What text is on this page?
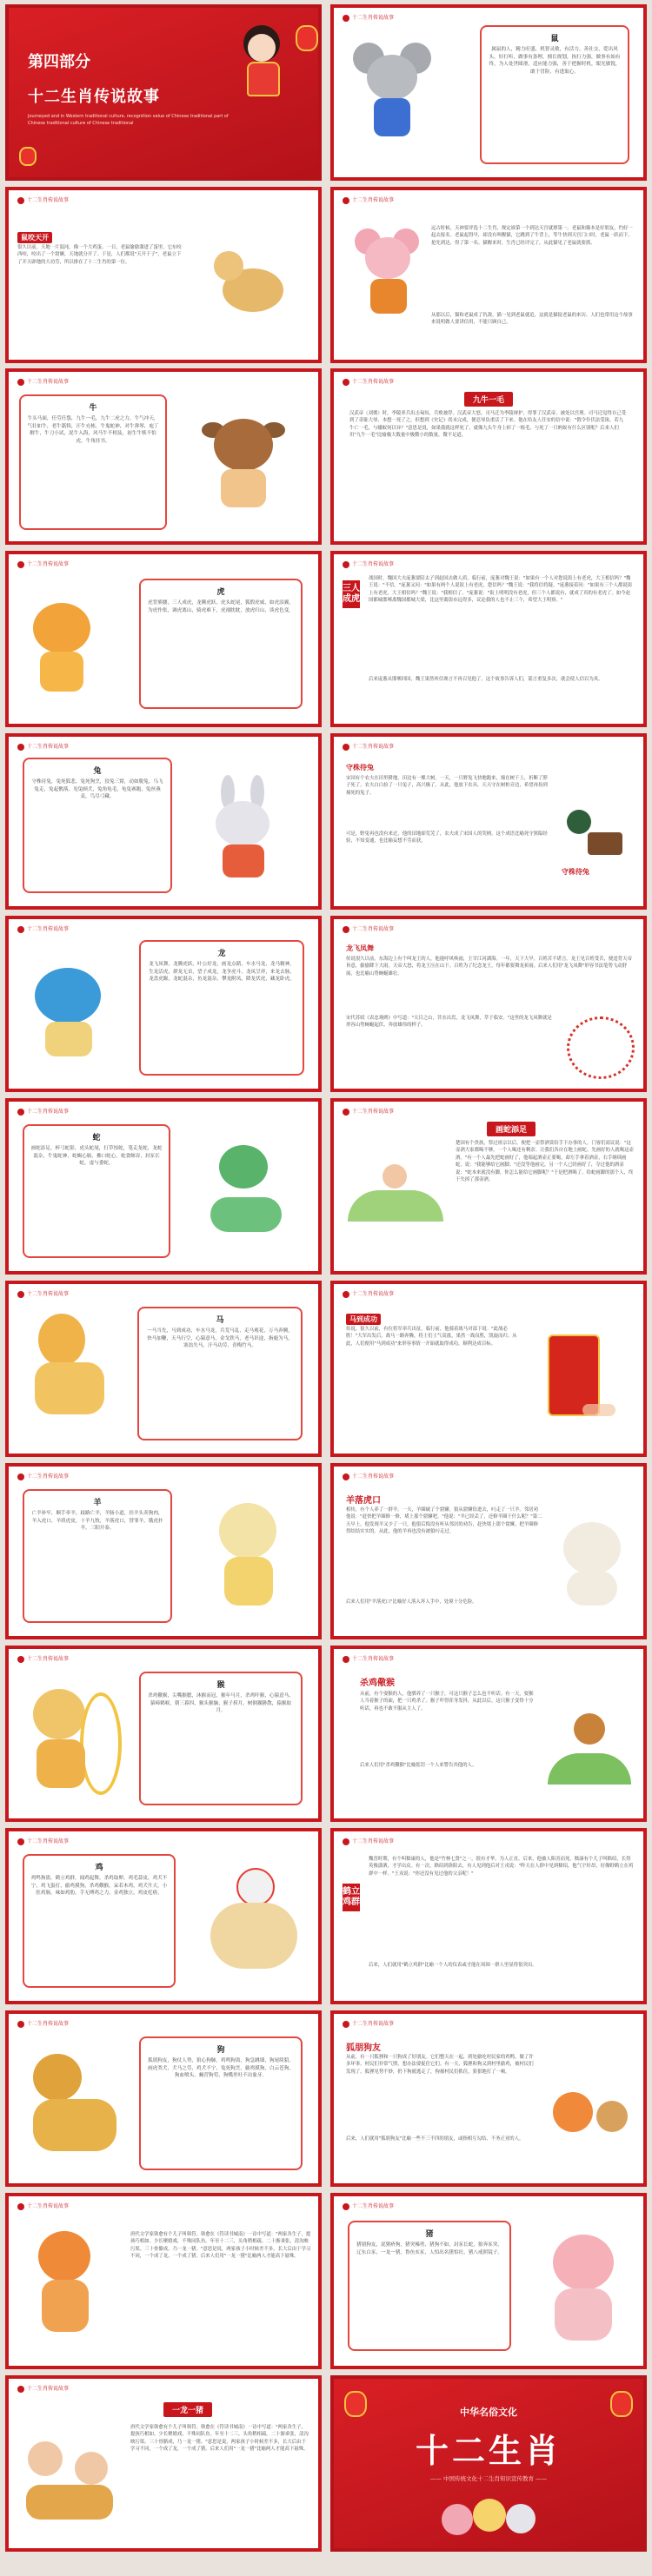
第四部分
十二生肖传说故事
Journeyed and in Western traditional culture, recognition value of Chinese traditional part of Chinese traditional culture of Chinese traditional
十二生肖传说故事
鼠
属鼠的人，精力旺盛，机智灵敏，有活力，善社交，爱出风头，好打听，做事有条理，擅长规划，执行力强，做事有始有终，为人处世圆滑，适应能力强，善于把握时机，眼光敏锐，敢于冒险，有进取心。
十二生肖传说故事
鼠咬天开
很久以前，天地一片混沌，像一个大鸡蛋。一日，老鼠偷偷溜进了蛋里，它东咬西咬，咬出了一个窟窿，天地就分开了。于是，人们都说"天开于子"，老鼠立下了开天辟地的大功劳，所以排在了十二生肖的第一位。
十二生肖传说故事
远古时候，天神要评选十二生肖，规定谁第一个到达天宫就排第一。老鼠和猫本是好朋友，约好一起去报名。老鼠起得早，却没有叫醒猫，它跳到了牛背上，等牛快到天宫门口时，老鼠一跃而下，抢先到达，得了第一名。猫醒来时，生肖已经评完了，从此猫见了老鼠就要抓。
从那以后，猫和老鼠成了仇敌，猫一见到老鼠就追，这就是猫捉老鼠的来历。人们也常用这个故事来说明做人要讲信用，不能只顾自己。
十二生肖传说故事
牛
牛头马面，任劳任怨，九牛一毛，九牛二虎之力，牛气冲天，气壮如牛，老牛舐犊，汗牛充栋，牛鬼蛇神，对牛弹琴，庖丁解牛，牛刀小试，泥牛入海，风马牛不相及，初生牛犊不怕虎，牛角挂书。
十二生肖传说故事
九牛一毛
汉武帝（刘彻）时，李陵率兵出击匈奴，兵败被俘。汉武帝大怒，司马迁为李陵辩护，得罪了汉武帝，被处以宫刑。司马迁觉得自己受到了奇耻大辱，本想一死了之，但想到《史记》尚未完成，便忍辱负重活了下来。他在给友人任安的信中说："假令仆伏法受诛，若九牛亡一毛，与蝼蚁何以异？"意思是说，如果我就这样死了，就像九头牛身上掉了一根毛，与死了一只蚂蚁有什么区别呢？后来人们用"九牛一毛"比喻极大数量中极微小的数量，微不足道。
十二生肖传说故事
虎
虎背熊腰，三人成虎，龙腾虎跃，虎头蛇尾，狐假虎威，如虎添翼，为虎作伥，调虎离山，骑虎难下，虎视眈眈，放虎归山，谈虎色变。
十二生肖传说故事
三人成虎
战国时，魏国大夫庞葱要陪太子到赵国去做人质。临行前，庞葱对魏王说："如果有一个人对您说街上有老虎，大王相信吗？"魏王说："不信。"庞葱又问："如果有两个人说街上有老虎，您信吗？"魏王说："我将信将疑。"庞葱接着问："如果有三个人都说街上有老虎，大王相信吗？"魏王说："我相信了。"庞葱说："街上明明没有老虎，但三个人都说有，就成了真的有老虎了。如今赵国都城邯郸离魏国都城大梁，比这里离街市远得多，议论我的人也不止三个，希望大王明察。"
后来庞葱从邯郸回国，魏王果然听信谗言不再召见他了。这个故事告诉人们，谣言重复多次，就会使人信以为真。
十二生肖传说故事
兔
守株待兔，兔死狐悲，兔死狗烹，狡兔三窟，动如脱兔，乌飞兔走，兔起鹘落，见兔顾犬，兔角龟毛，龟兔赛跑，兔丝燕麦，鸟尽弓藏。
十二生肖传说故事
守株待兔
宋国有个农夫在田里耕地，田边有一棵大树。一天，一只野兔飞快地跑来，撞在树干上，折断了脖子死了。农夫白白捡了一只兔子，高兴极了。从此，他放下农具，天天守在树桩旁边，希望再捡到撞死的兔子。
可是，野兔再也没有来过，他的田地却荒芜了，农夫成了宋国人的笑柄。这个成语比喻死守狭隘经验，不知变通，也比喻妄想不劳而获。
守株待兔
十二生肖传说故事
龙
龙飞凤舞，龙腾虎跃，叶公好龙，画龙点睛，车水马龙，龙马精神，生龙活虎，群龙无首，望子成龙，龙争虎斗，龙凤呈祥，来龙去脉，龙盘虎踞，龙蛇混杂，鱼龙混杂，攀龙附凤，降龙伏虎，藏龙卧虎。
十二生肖传说故事
龙飞凤舞
传说很久以前，东海边上有个叫龙王的人，他能呼风唤雨，主宰江河湖海。一年，天下大旱，百姓苦不堪言。龙王见百姓受苦，便违背天帝旨意，偷偷降下大雨。天帝大怒，将龙王压在山下。百姓为了纪念龙王，每年都要舞龙祈雨。后来人们用"龙飞凤舞"形容书法笔势飞动舒展，也比喻山势蜿蜒雄壮。
宋代苏轼《表忠观碑》中写道："天目之山，苕水出焉，龙飞凤舞，萃于临安。"这里的龙飞凤舞就是形容山势蜿蜒起伏、奔放雄伟的样子。
十二生肖传说故事
蛇
画蛇添足，杯弓蛇影，虎头蛇尾，打草惊蛇，笔走龙蛇，龙蛇混杂，牛鬼蛇神，蛇蝎心肠，佛口蛇心，蛇食鲸吞，封豕长蛇，虚与委蛇。
十二生肖传说故事
画蛇添足
楚国有个贵族，祭过祖宗以后，便把一壶祭酒赏给手下办事的人。门客们商议说："这壶酒大家都喝不够，一个人喝还有剩余。让我们各自在地上画蛇，先画好的人就喝这壶酒。"有一个人最先把蛇画好了，他端起酒壶正要喝，却左手拿着酒壶，右手继续画蛇，说："我能够给它画脚。"还没等他画完，另一个人已经画好了，夺过他的酒壶说："蛇本来就没有脚，你怎么能给它画脚呢？"于是把酒喝了。给蛇画脚的那个人，终于失掉了那壶酒。
十二生肖传说故事
马
一马当先，马到成功，车水马龙，兵荒马乱，走马观花，万马奔腾，快马加鞭，天马行空，心猿意马，金戈铁马，老马识途，指鹿为马，塞翁失马，汗马功劳，青梅竹马。
十二生肖传说故事
马到成功
传说，很久以前，有位将军率兵出征，临行前，他骑着战马对部下说："此战必胜！"大军出发后，战马一路奔腾，将士们士气高涨，果然一战而胜，凯旋而归。从此，人们便用"马到成功"来形容事情一开始就取得成功，顺利达成目标。
十二生肖传说故事
羊
亡羊补牢，顺手牵羊，歧路亡羊，羊肠小道，挂羊头卖狗肉，羊入虎口，羊质虎皮，十羊九牧，羊落虎口，替罪羊，饿虎扑羊，三阳开泰。
十二生肖传说故事
羊落虎口
相传，有个人养了一群羊。一天，羊圈破了个窟窿，狼从窟窿钻进去，叼走了一只羊。邻居劝他说："赶快把羊圈修一修，堵上那个窟窿吧。"他说："羊已经丢了，还修羊圈干什么呢？"第二天早上，他发现羊又少了一只。他很后悔没有听从邻居的劝告，赶快堵上那个窟窿，把羊圈修得结结实实的。从此，他的羊再也没有被狼叼走过。
后来人们用"羊落虎口"比喻好人落入坏人手中，处境十分危险。
十二生肖传说故事
猴
杀鸡儆猴，尖嘴猴腮，沐猴而冠，猴年马月，杀鸡吓猴，心猿意马，猿啼鹤唳，朝三暮四，猴头猴脑，猴子捞月，树倒猢狲散，猿猴取月。
十二生肖传说故事
杀鸡儆猴
从前，有个耍猴的人，他驯养了一只猴子，可这只猴子怎么也不听话。有一天，耍猴人当着猴子的面，把一只鸡杀了。猴子吓得浑身发抖，从此以后，这只猴子变得十分听话，再也不敢不服从主人了。
后来人们用"杀鸡儆猴"比喻惩罚一个人来警告其他的人。
十二生肖传说故事
鸡
鸡鸣狗盗，鹤立鸡群，闻鸡起舞，杀鸡取卵，鸡毛蒜皮，鸡犬不宁，鸡飞蛋打，偷鸡摸狗，杀鸡儆猴，呆若木鸡，鸡犬升天，小肚鸡肠，味如鸡肋，手无缚鸡之力，金鸡独立，鸡皮疙瘩。
十二生肖传说故事
鹤立鸡群
魏晋时期，有个叫嵇康的人，他是"竹林七贤"之一，很有才华，为人正直。后来，他被人陷害而死。嵇康有个儿子叫嵇绍，长得英俊潇洒，才学出众。有一次，嵇绍到洛阳去，有人见到他后对王戎说："昨天在人群中见到嵇绍，他气宇轩昂，好像野鹤立在鸡群中一样。"王戎说："你还没有见过他的父亲呢！"
后来，人们就用"鹤立鸡群"比喻一个人的仪表或才能在周围一群人里显得很突出。
十二生肖传说故事
狗
狐朋狗友，狗仗人势，狼心狗肺，鸡鸣狗盗，狗急跳墙，狗尾续貂，画虎类犬，犬马之劳，鸡犬不宁，兔死狗烹，偷鸡摸狗，白云苍狗，狗血喷头，蝇营狗苟，狗嘴里吐不出象牙。
十二生肖传说故事
狐朋狗友
从前，有一只狐狸和一只狗成了好朋友。它们整天在一起，到处偷吃村民家的鸡鸭，做了许多坏事。村民们非常气愤，想办法要捉住它们。有一天，狐狸和狗又到村里偷鸡，被村民们发现了。狐狸见势不妙，扔下狗就逃走了，狗被村民们抓住，狠狠地打了一顿。
后来，人们就用"狐朋狗友"比喻一些不三不四的朋友，或指相互勾结、不务正业的人。
十二生肖传说故事
唐代文学家韩愈有个儿子叫韩符。韩愈在《符读书城南》一诗中写道："两家各生子，提孩巧相如。少长聚嬉戏，不殊同队鱼。年至十二三，头角稍相疏。二十渐乖张，清沟映污渠。三十骨骼成，乃一龙一猪。"意思是说，两家孩子小时候差不多，长大后由于学习不同，一个成了龙，一个成了猪。后来人们用"一龙一猪"比喻两人才能高下悬殊。
十二生肖传说故事
猪
猪朋狗友，泥猪疥狗，猪突豨勇，猪狗不如，封豕长蛇，狼奔豕突，辽东白豕，一龙一猪，鲁鱼亥豕，人怕出名猪怕壮，猪八戒照镜子。
十二生肖传说故事
一龙一猪
唐代文学家韩愈有个儿子叫韩符。韩愈在《符读书城南》一诗中写道："两家各生子，提孩巧相如。少长聚嬉戏，不殊同队鱼。年至十二三，头角稍相疏。二十渐乖张，清沟映污渠。三十骨骼成，乃一龙一猪。"意思是说，两家孩子小时候差不多，长大后由于学习不同，一个成了龙，一个成了猪。后来人们用"一龙一猪"比喻两人才能高下悬殊。
中华名俗文化
十二生肖
—— 中国传统文化十二生肖知识宣传教育 ——
